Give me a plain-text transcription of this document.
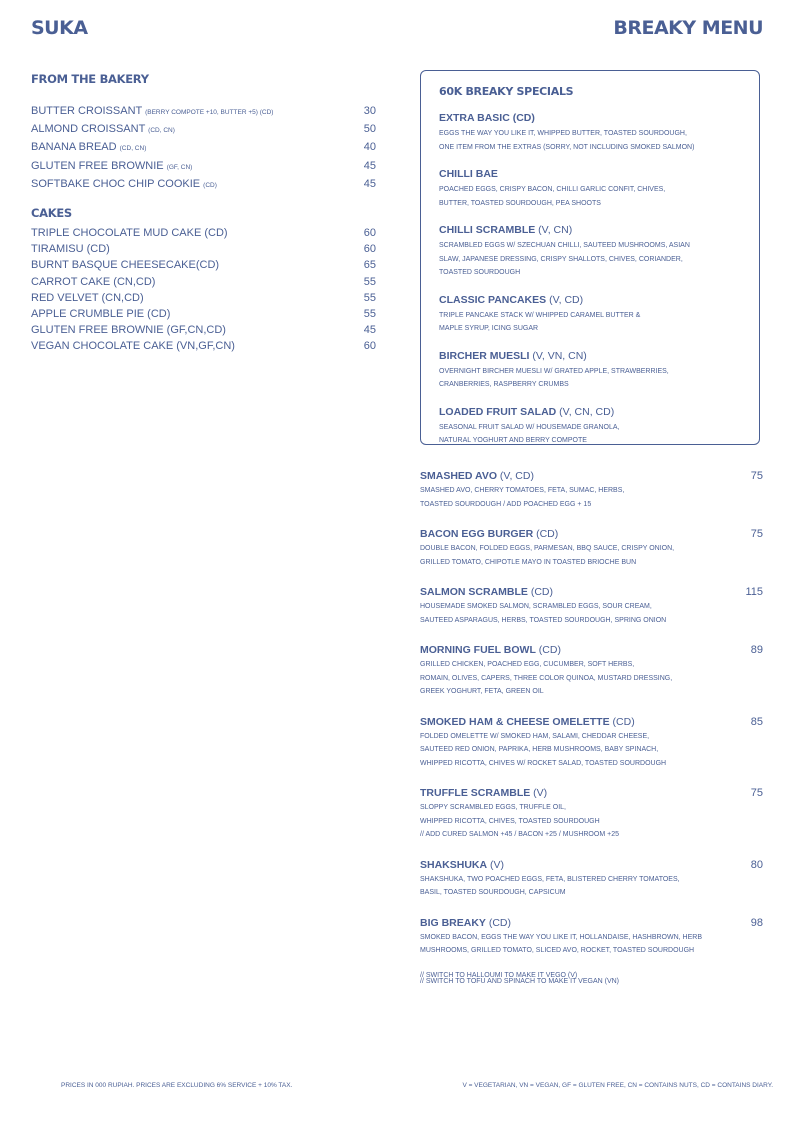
SUKA	BREAKY MENU
FROM THE BAKERY
BUTTER CROISSANT (BERRY COMPOTE +10, BUTTER +5) (CD)	30
ALMOND CROISSANT (CD, CN)	50
BANANA BREAD (CD, CN)	40
GLUTEN FREE BROWNIE (GF, CN)	45
SOFTBAKE CHOC CHIP COOKIE (CD)	45
CAKES
TRIPLE CHOCOLATE MUD CAKE (CD)	60
TIRAMISU (CD)	60
BURNT BASQUE CHEESECAKE(CD)	65
CARROT CAKE (CN,CD)	55
RED VELVET (CN,CD)	55
APPLE CRUMBLE PIE (CD)	55
GLUTEN FREE BROWNIE (GF,CN,CD)	45
VEGAN CHOCOLATE CAKE (VN,GF,CN)	60
60K BREAKY SPECIALS
EXTRA BASIC (CD)
EGGS THE WAY YOU LIKE IT, WHIPPED BUTTER, TOASTED SOURDOUGH,
ONE ITEM FROM THE EXTRAS (SORRY, NOT INCLUDING SMOKED SALMON)
CHILLI BAE
POACHED EGGS, CRISPY BACON, CHILLI GARLIC CONFIT, CHIVES,
BUTTER, TOASTED SOURDOUGH, PEA SHOOTS
CHILLI SCRAMBLE (V, CN)
SCRAMBLED EGGS W/ SZECHUAN CHILLI, SAUTEED MUSHROOMS, ASIAN
SLAW, JAPANESE DRESSING, CRISPY SHALLOTS, CHIVES, CORIANDER,
TOASTED SOURDOUGH
CLASSIC PANCAKES (V, CD)
TRIPLE PANCAKE STACK W/ WHIPPED CARAMEL BUTTER &
MAPLE SYRUP, ICING SUGAR
BIRCHER MUESLI (V, VN, CN)
OVERNIGHT BIRCHER MUESLI W/ GRATED APPLE, STRAWBERRIES,
CRANBERRIES, RASPBERRY CRUMBS
LOADED FRUIT SALAD (V, CN, CD)
SEASONAL FRUIT SALAD W/ HOUSEMADE GRANOLA,
NATURAL YOGHURT AND BERRY COMPOTE
SMASHED AVO (V, CD)	75
SMASHED AVO, CHERRY TOMATOES, FETA, SUMAC, HERBS,
TOASTED SOURDOUGH / ADD POACHED EGG + 15
BACON EGG BURGER (CD)	75
DOUBLE BACON, FOLDED EGGS, PARMESAN, BBQ SAUCE, CRISPY ONION,
GRILLED TOMATO, CHIPOTLE MAYO IN TOASTED BRIOCHE BUN
SALMON SCRAMBLE (CD)	115
HOUSEMADE SMOKED SALMON, SCRAMBLED EGGS, SOUR CREAM,
SAUTEED ASPARAGUS, HERBS, TOASTED SOURDOUGH, SPRING ONION
MORNING FUEL BOWL (CD)	89
GRILLED CHICKEN, POACHED EGG, CUCUMBER, SOFT HERBS,
ROMAIN, OLIVES, CAPERS, THREE COLOR QUINOA, MUSTARD DRESSING,
GREEK YOGHURT, FETA, GREEN OIL
SMOKED HAM & CHEESE OMELETTE (CD)	85
FOLDED OMELETTE W/ SMOKED HAM, SALAMI, CHEDDAR CHEESE,
SAUTEED RED ONION, PAPRIKA, HERB MUSHROOMS, BABY SPINACH,
WHIPPED RICOTTA, CHIVES W/ ROCKET SALAD, TOASTED SOURDOUGH
TRUFFLE SCRAMBLE (V)	75
SLOPPY SCRAMBLED EGGS, TRUFFLE OIL,
WHIPPED RICOTTA, CHIVES, TOASTED SOURDOUGH
// ADD CURED SALMON +45 / BACON +25 / MUSHROOM +25
SHAKSHUKA (V)	80
SHAKSHUKA, TWO POACHED EGGS, FETA, BLISTERED CHERRY TOMATOES,
BASIL, TOASTED SOURDOUGH, CAPSICUM
BIG BREAKY (CD)	98
SMOKED BACON, EGGS THE WAY YOU LIKE IT, HOLLANDAISE, HASHBROWN, HERB
MUSHROOMS, GRILLED TOMATO, SLICED AVO, ROCKET, TOASTED SOURDOUGH
// SWITCH TO HALLOUMI TO MAKE IT VEGO (V)
// SWITCH TO TOFU AND SPINACH TO MAKE IT VEGAN (VN)
PRICES IN 000 RUPIAH. PRICES ARE EXCLUDING 6% SERVICE + 10% TAX.	V = VEGETARIAN, VN = VEGAN, GF = GLUTEN FREE, CN = CONTAINS NUTS, CD = CONTAINS DIARY.
